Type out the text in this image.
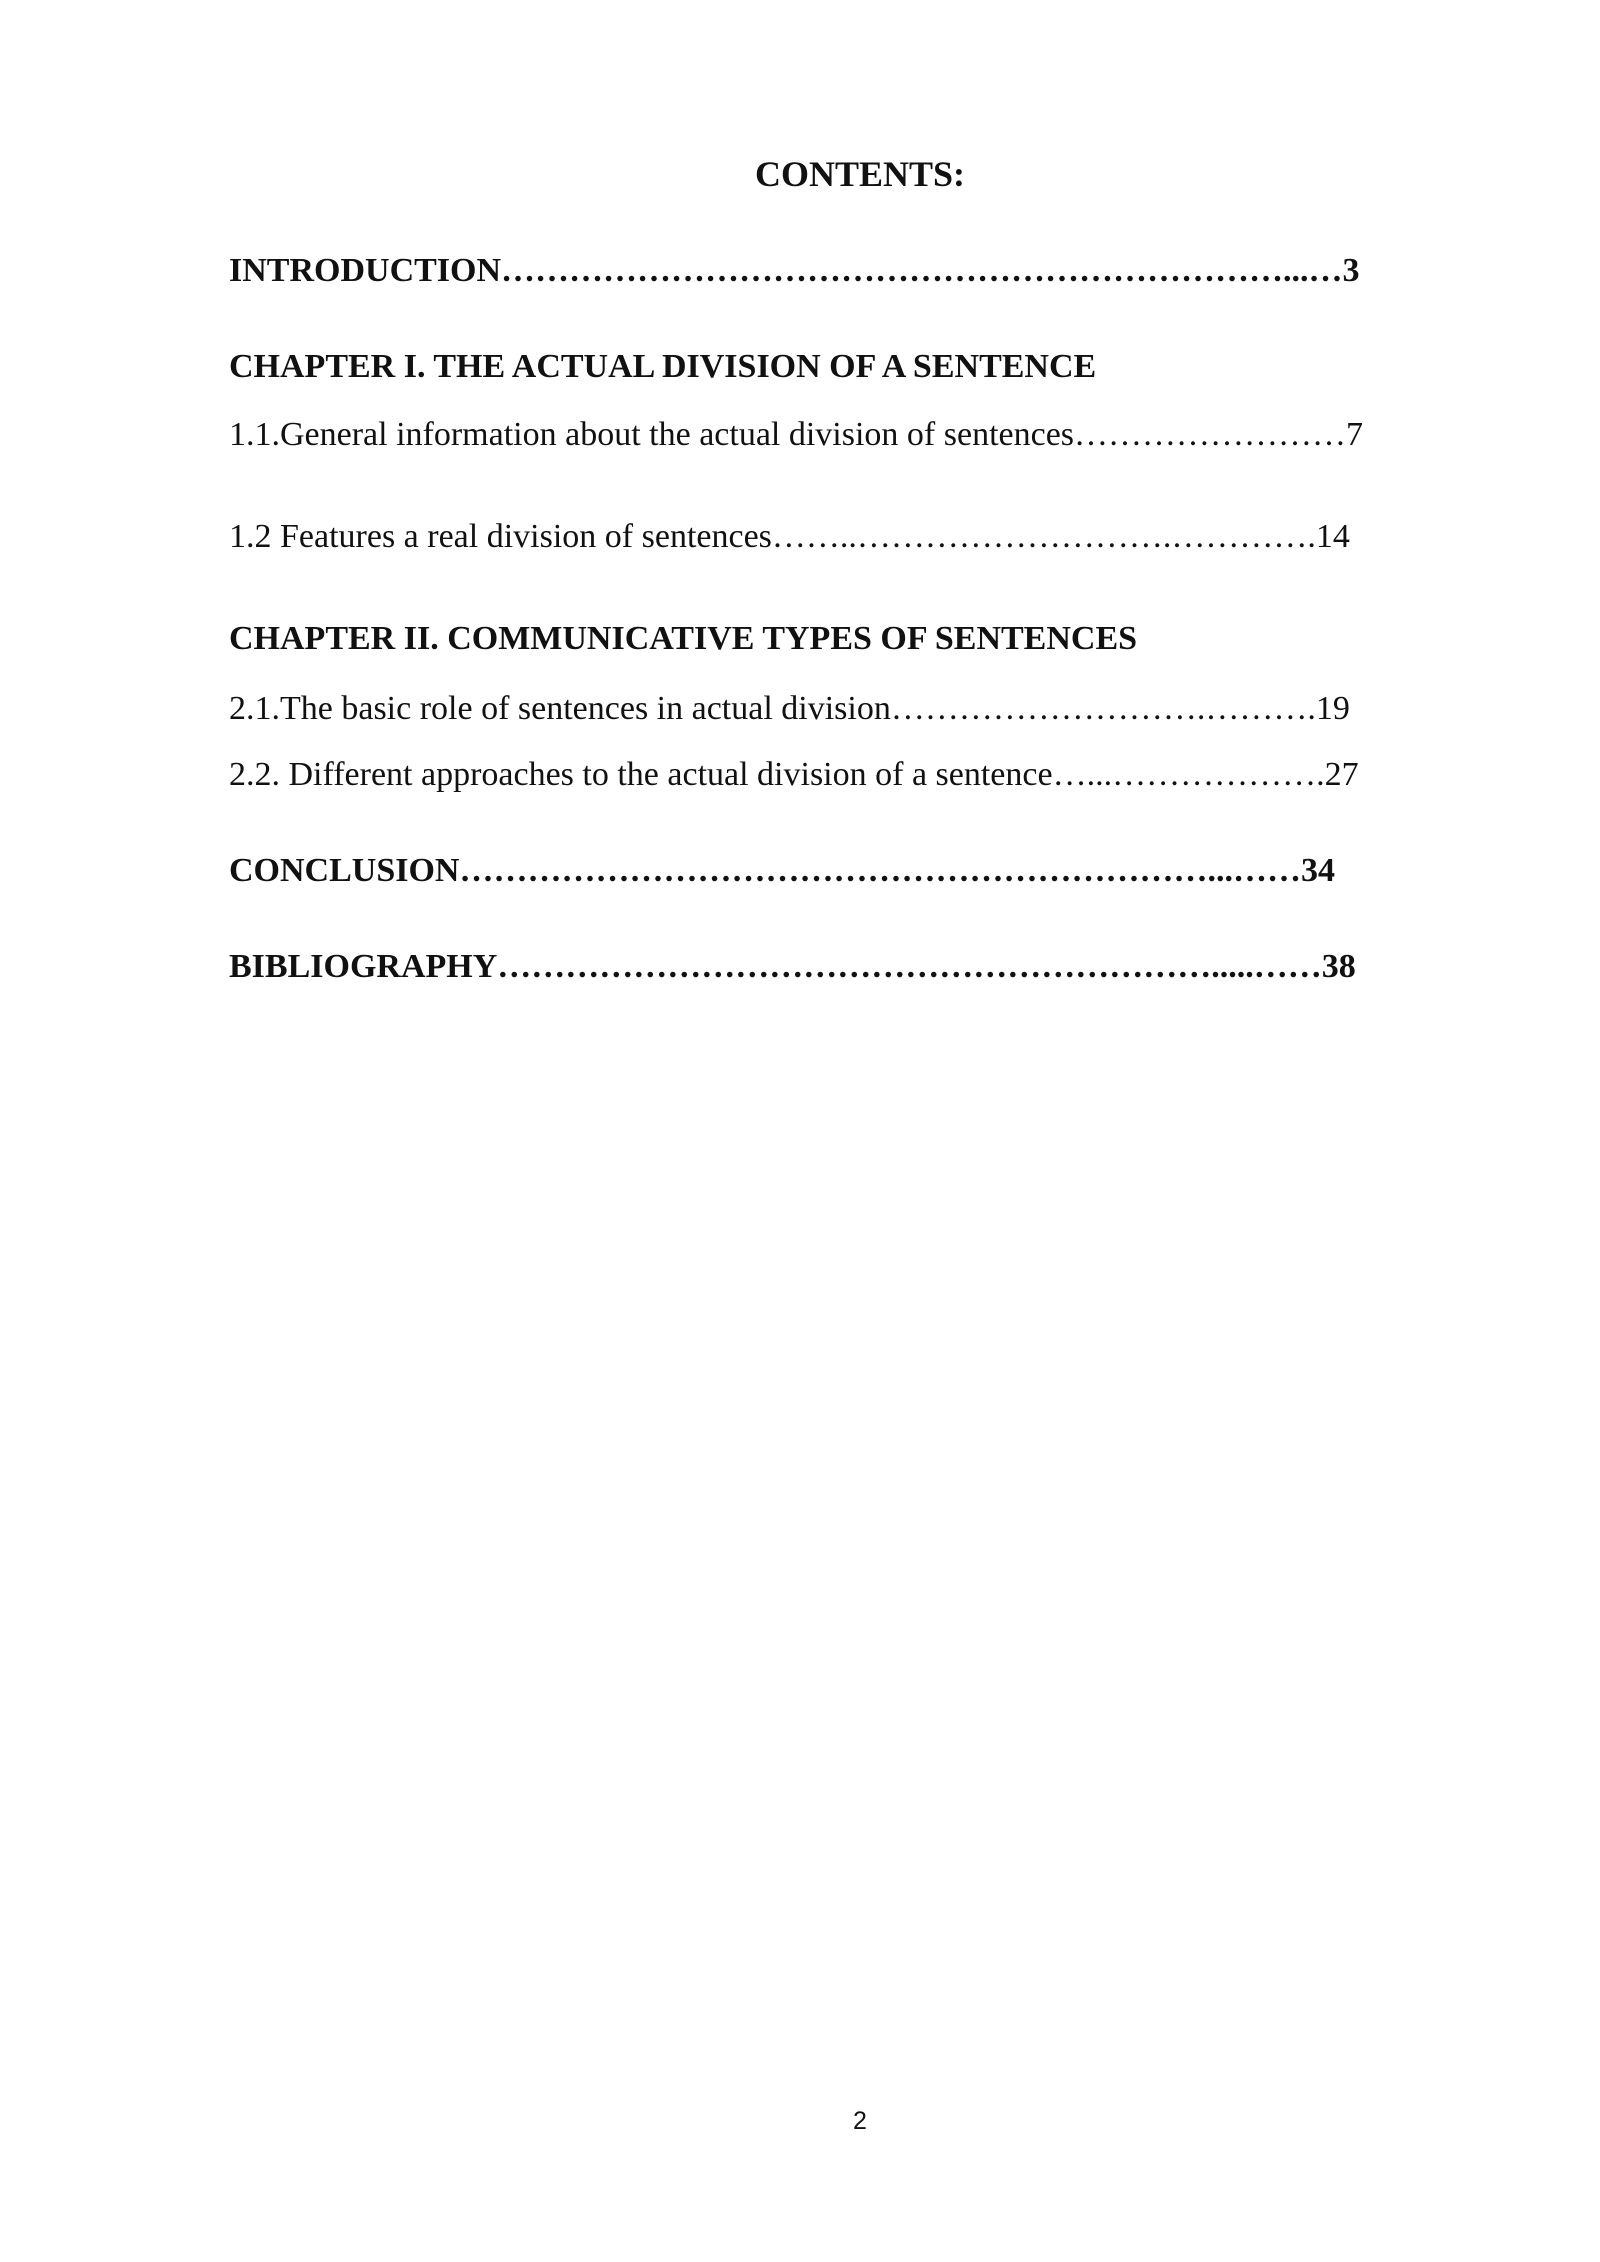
CONTENTS:
INTRODUCTION……………………………………………………………...…3
CHAPTER I. THE ACTUAL DIVISION OF A SENTENCE
1.1.General information about the actual division of sentences……………………7
1.2 Features a real division of sentences……..……………………….………….14
CHAPTER II. COMMUNICATIVE TYPES OF SENTENCES
2.1.The basic role of sentences in actual division……………………….……….19
2.2. Different approaches to the actual division of a sentence…...……………….27
CONCLUSION…………………………………………………………...……34
BIBLIOGRAPHY……………………………………………………….....……38
2
